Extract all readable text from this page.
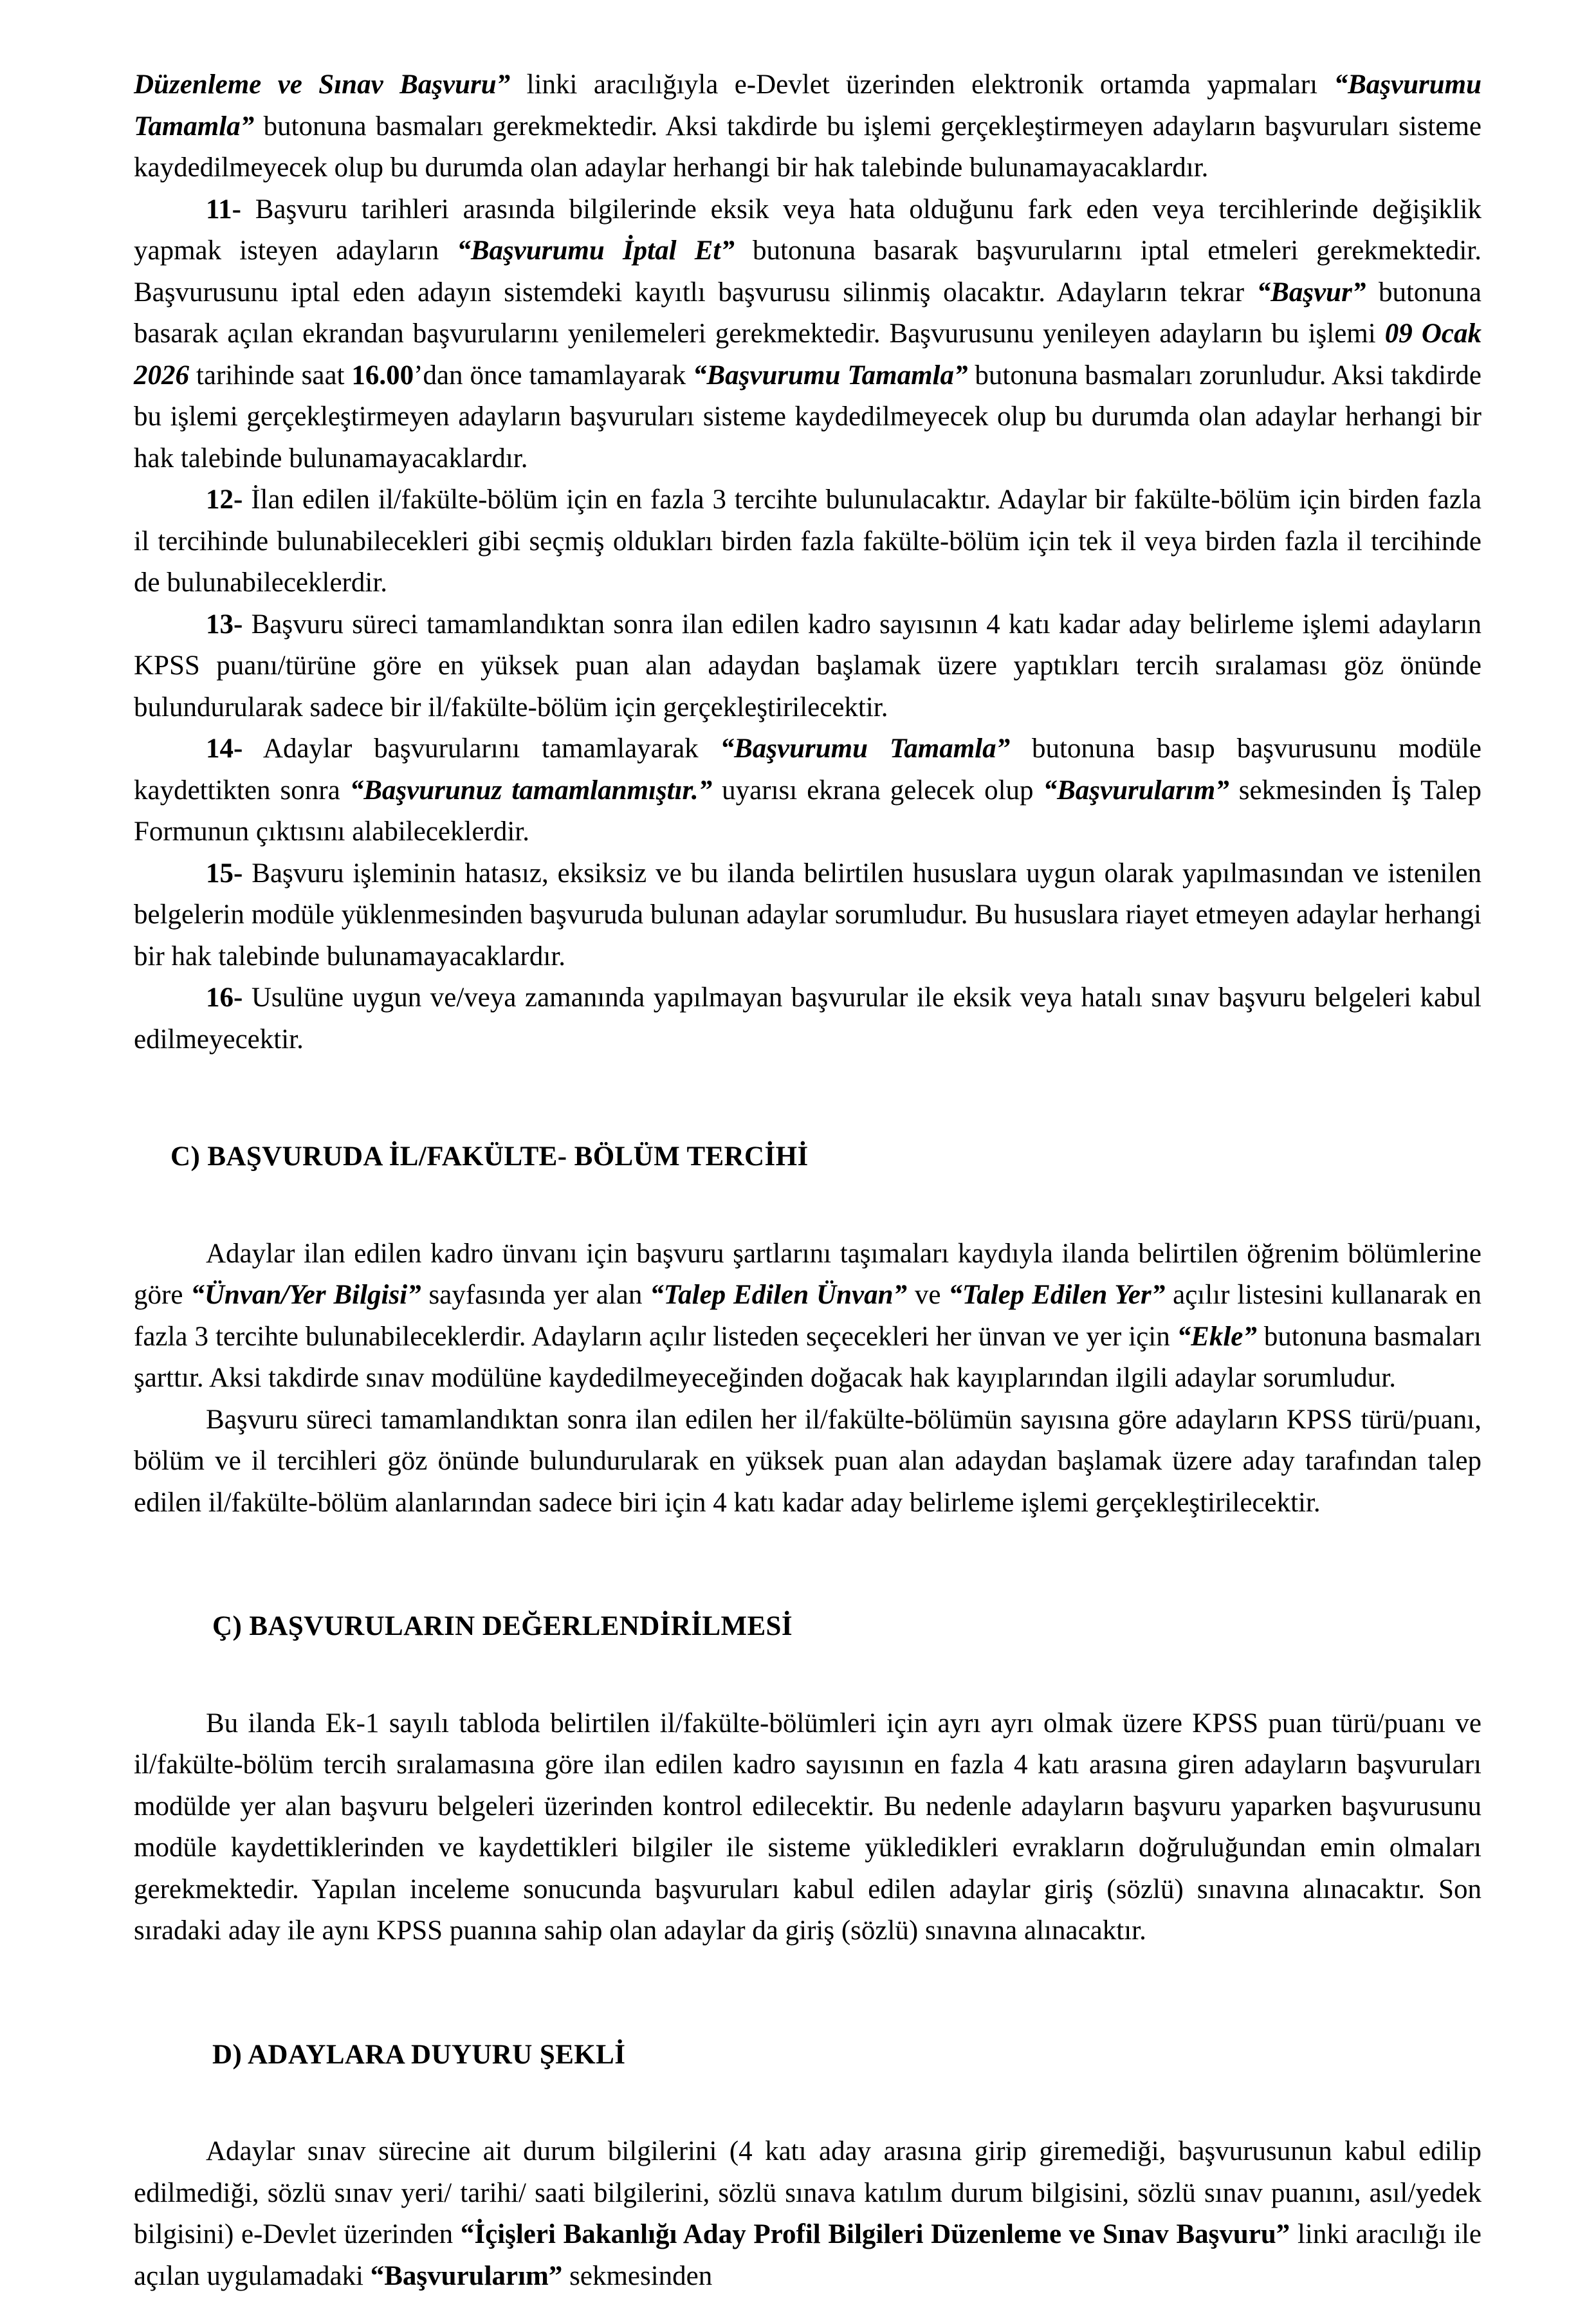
Düzenleme ve Sınav Başvuru” linki aracılığıyla e-Devlet üzerinden elektronik ortamda yapmaları “Başvurumu Tamamla” butonuna basmaları gerekmektedir. Aksi takdirde bu işlemi gerçekleştirmeyen adayların başvuruları sisteme kaydedilmeyecek olup bu durumda olan adaylar herhangi bir hak talebinde bulunamayacaklardır.

11- Başvuru tarihleri arasında bilgilerinde eksik veya hata olduğunu fark eden veya tercihlerinde değişiklik yapmak isteyen adayların “Başvurumu İptal Et” butonuna basarak başvurularını iptal etmeleri gerekmektedir. Başvurusunu iptal eden adayın sistemdeki kayıtlı başvurusu silinmiş olacaktır. Adayların tekrar “Başvur” butonuna basarak açılan ekrandan başvurularını yenilemeleri gerekmektedir. Başvurusunu yenileyen adayların bu işlemi 09 Ocak 2026 tarihinde saat 16.00’dan önce tamamlayarak “Başvurumu Tamamla” butonuna basmaları zorunludur. Aksi takdirde bu işlemi gerçekleştirmeyen adayların başvuruları sisteme kaydedilmeyecek olup bu durumda olan adaylar herhangi bir hak talebinde bulunamayacaklardır.

12- İlan edilen il/fakülte-bölüm için en fazla 3 tercihte bulunulacaktır. Adaylar bir fakülte-bölüm için birden fazla il tercihinde bulunabilecekleri gibi seçmiş oldukları birden fazla fakülte-bölüm için tek il veya birden fazla il tercihinde de bulunabileceklerdir.

13- Başvuru süreci tamamlandıktan sonra ilan edilen kadro sayısının 4 katı kadar aday belirleme işlemi adayların KPSS puanı/türüne göre en yüksek puan alan adaydan başlamak üzere yaptıkları tercih sıralaması göz önünde bulundurularak sadece bir il/fakülte-bölüm için gerçekleştirilecektir.

14- Adaylar başvurularını tamamlayarak “Başvurumu Tamamla” butonuna basıp başvurusunu modüle kaydettikten sonra “Başvurunuz tamamlanmıştır.” uyarısı ekrana gelecek olup “Başvurularım” sekmesinden İş Talep Formunun çıktısını alabileceklerdir.

15- Başvuru işleminin hatasız, eksiksiz ve bu ilanda belirtilen hususlara uygun olarak yapılmasından ve istenilen belgelerin modüle yüklenmesinden başvuruda bulunan adaylar sorumludur. Bu hususlara riayet etmeyen adaylar herhangi bir hak talebinde bulunamayacaklardır.

16- Usulüne uygun ve/veya zamanında yapılmayan başvurular ile eksik veya hatalı sınav başvuru belgeleri kabul edilmeyecektir.

C) BAŞVURUDA İL/FAKÜLTE- BÖLÜM TERCİHİ

Adaylar ilan edilen kadro ünvanı için başvuru şartlarını taşımaları kaydıyla ilanda belirtilen öğrenim bölümlerine göre “Ünvan/Yer Bilgisi” sayfasında yer alan “Talep Edilen Ünvan” ve “Talep Edilen Yer” açılır listesini kullanarak en fazla 3 tercihte bulunabileceklerdir. Adayların açılır listeden seçecekleri her ünvan ve yer için “Ekle” butonuna basmaları şarttır. Aksi takdirde sınav modülüne kaydedilmeyeceğinden doğacak hak kayıplarından ilgili adaylar sorumludur.

Başvuru süreci tamamlandıktan sonra ilan edilen her il/fakülte-bölümün sayısına göre adayların KPSS türü/puanı, bölüm ve il tercihleri göz önünde bulundurularak en yüksek puan alan adaydan başlamak üzere aday tarafından talep edilen il/fakülte-bölüm alanlarından sadece biri için 4 katı kadar aday belirleme işlemi gerçekleştirilecektir.

Ç) BAŞVURULARIN DEĞERLENDİRİLMESİ

Bu ilanda Ek-1 sayılı tabloda belirtilen il/fakülte-bölümleri için ayrı ayrı olmak üzere KPSS puan türü/puanı ve il/fakülte-bölüm tercih sıralamasına göre ilan edilen kadro sayısının en fazla 4 katı arasına giren adayların başvuruları modülde yer alan başvuru belgeleri üzerinden kontrol edilecektir. Bu nedenle adayların başvuru yaparken başvurusunu modüle kaydettiklerinden ve kaydettikleri bilgiler ile sisteme yükledikleri evrakların doğruluğundan emin olmaları gerekmektedir. Yapılan inceleme sonucunda başvuruları kabul edilen adaylar giriş (sözlü) sınavına alınacaktır. Son sıradaki aday ile aynı KPSS puanına sahip olan adaylar da giriş (sözlü) sınavına alınacaktır.

D) ADAYLARA DUYURU ŞEKLİ

Adaylar sınav sürecine ait durum bilgilerini (4 katı aday arasına girip giremediği, başvurusunun kabul edilip edilmediği, sözlü sınav yeri/ tarihi/ saati bilgilerini, sözlü sınava katılım durum bilgisini, sözlü sınav puanını, asıl/yedek bilgisini) e-Devlet üzerinden “İçişleri Bakanlığı Aday Profil Bilgileri Düzenleme ve Sınav Başvuru” linki aracılığı ile açılan uygulamadaki “Başvurularım” sekmesinden
